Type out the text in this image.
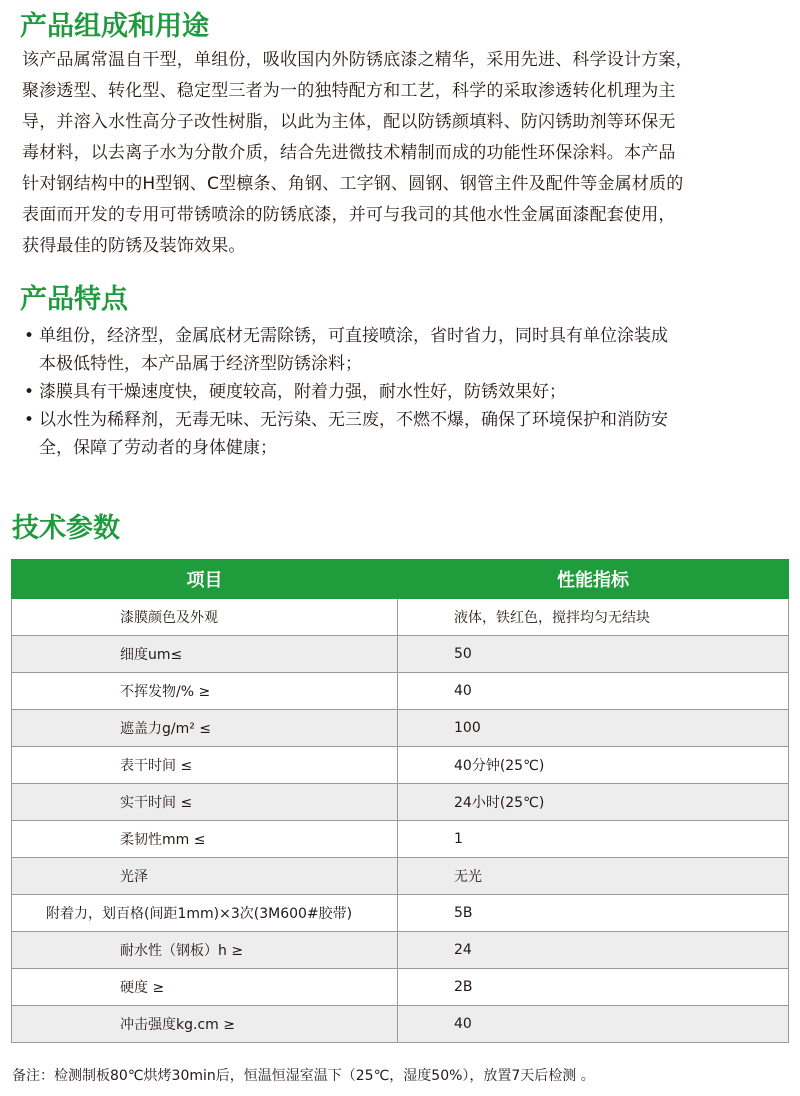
产品组成和用途
该产品属常温自干型，单组份，吸收国内外防锈底漆之精华，采用先进、科学设计方案，
聚渗透型、转化型、稳定型三者为一的独特配方和工艺，科学的采取渗透转化机理为主
导，并溶入水性高分子改性树脂，以此为主体，配以防锈颜填料、防闪锈助剂等环保无
毒材料，以去离子水为分散介质，结合先进微技术精制而成的功能性环保涂料。本产品
针对钢结构中的H型钢、C型檩条、角钢、工字钢、圆钢、钢管主件及配件等金属材质的
表面而开发的专用可带锈喷涂的防锈底漆，并可与我司的其他水性金属面漆配套使用，
获得最佳的防锈及装饰效果。
产品特点
• 单组份，经济型，金属底材无需除锈，可直接喷涂，省时省力，同时具有单位涂装成
本极低特性，本产品属于经济型防锈涂料；
• 漆膜具有干燥速度快，硬度较高，附着力强，耐水性好，防锈效果好；
• 以水性为稀释剂，无毒无味、无污染、无三废，不燃不爆，确保了环境保护和消防安
全，保障了劳动者的身体健康；
技术参数
项目	性能指标
漆膜颜色及外观	液体，铁红色，搅拌均匀无结块
细度um≤	50
不挥发物/% ≥	40
遮盖力g/m² ≤	100
表干时间 ≤	40分钟(25℃)
实干时间 ≤	24小时(25℃)
柔韧性mm ≤	1
光泽	无光
附着力，划百格(间距1mm)×3次(3M600#胶带)	5B
耐水性（钢板）h ≥	24
硬度 ≥	2B
冲击强度kg.cm ≥	40

备注：检测制板80℃烘烤30min后，恒温恒湿室温下（25℃，湿度50%），放置7天后检测 。
